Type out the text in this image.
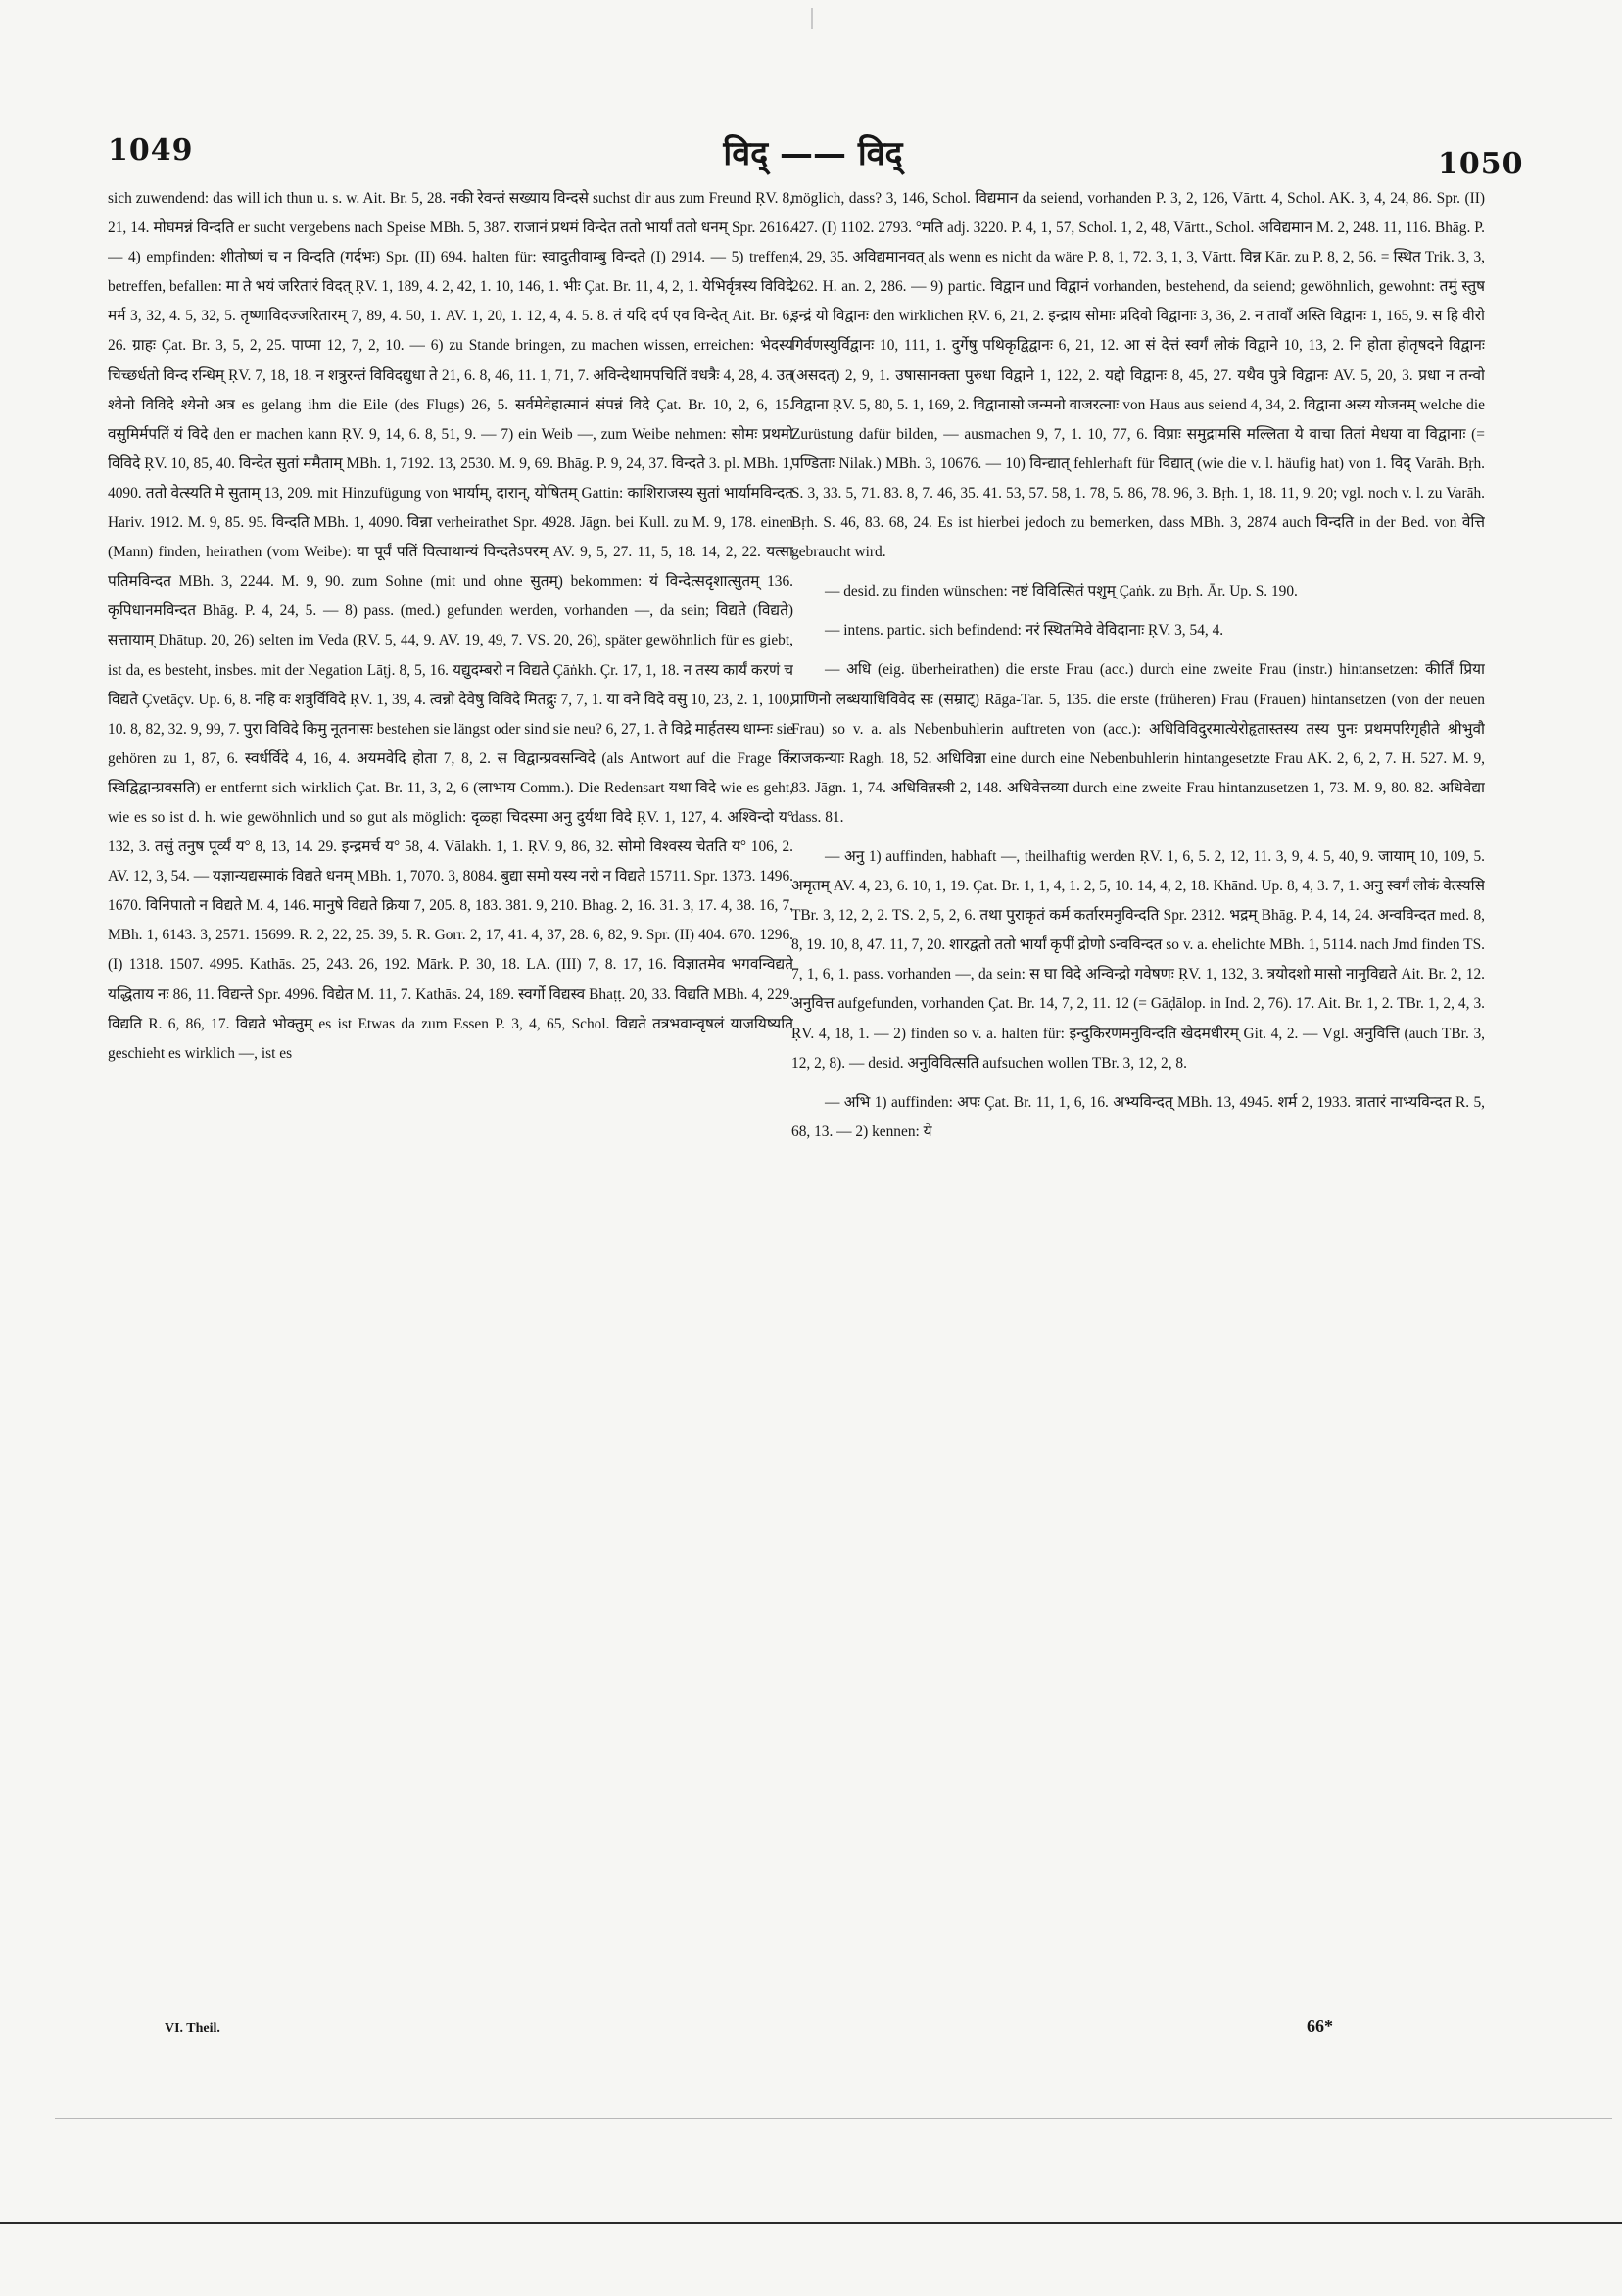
1049	विद् —— विद्	1050

sich zuwendend: das will ich thun u. s. w. Ait. Br. 5, 28. नकी रेवन्तं सख्याय विन्दसे suchst dir aus zum Freund ṚV. 8, 21, 14. मोघमन्नं विन्दति er sucht vergebens nach Speise MBh. 5, 387. राजानं प्रथमं विन्देत ततो भार्यां ततो धनम् Spr. 2616. — 4) empfinden: शीतोष्णं च न विन्दति (गर्दभः) Spr. (II) 694. halten für: स्वादुतीवाम्बु विन्दते (I) 2914. — 5) treffen; betreffen, befallen: मा ते भयं जरितारं विदत् ṚV. 1, 189, 4. 2, 42, 1. 10, 146, 1. भीः Çat. Br. 11, 4, 2, 1. येभिर्वृत्रस्य विविदे मर्म 3, 32, 4. 5, 32, 5. तृष्णाविदज्जरितारम् 7, 89, 4. 50, 1. AV. 1, 20, 1. 12, 4, 4. 5. 8. तं यदि दर्प एव विन्देत् Ait. Br. 6, 26. ग्राहः Çat. Br. 3, 5, 2, 25. पाप्मा 12, 7, 2, 10. — 6) zu Stande bringen, zu machen wissen, erreichen: भेदस्य चिच्छर्धतो विन्द रन्धिम् ṚV. 7, 18, 18. न शत्रुरन्तं विविदद्युधा ते 21, 6. 8, 46, 11. 1, 71, 7. अविन्देथामपचितिं वधत्रैः 4, 28, 4. उत श्वेनो विविदे श्येनो अत्र es gelang ihm die Eile (des Flugs) 26, 5. सर्वमेवेहात्मानं संपन्नं विदे Çat. Br. 10, 2, 6, 15. वसुमिर्मपतिं यं विदे den er machen kann ṚV. 9, 14, 6. 8, 51, 9. — 7) ein Weib —, zum Weibe nehmen: सोमः प्रथमो विविदे ṚV. 10, 85, 40. विन्देत सुतां ममैताम् MBh. 1, 7192. 13, 2530. M. 9, 69. Bhāg. P. 9, 24, 37. विन्दते 3. pl. MBh. 1, 4090. ततो वेत्स्यति मे सुताम् 13, 209. mit Hinzufügung von भार्याम्, दारान्, योषितम् Gattin: काशिराजस्य सुतां भार्यामविन्दत Hariv. 1912. M. 9, 85. 95. विन्दति MBh. 1, 4090. विन्ना verheirathet Spr. 4928. Jāgn. bei Kull. zu M. 9, 178. einen (Mann) finden, heirathen (vom Weibe): या पूर्वं पतिं वित्वाथान्यं विन्दतेऽपरम् AV. 9, 5, 27. 11, 5, 18. 14, 2, 22. यत्सा पतिमविन्दत MBh. 3, 2244. M. 9, 90. zum Sohne (mit und ohne सुतम्) bekommen: यं विन्देत्सदृशात्सुतम् 136. कृपिधानमविन्दत Bhāg. P. 4, 24, 5. — 8) pass. (med.) gefunden werden, vorhanden —, da sein; विद्यते (विद्यते) सत्तायाम् Dhātup. 20, 26) selten im Veda (ṚV. 5, 44, 9. AV. 19, 49, 7. VS. 20, 26), später gewöhnlich für es giebt, ist da, es besteht, insbes. mit der Negation Lāṭj. 8, 5, 16. यद्युदम्बरो न विद्यते Çāṅkh. Çr. 17, 1, 18. न तस्य कार्यं करणं च विद्यते Çvetāçv. Up. 6, 8. नहि वः शत्रुर्विविदे ṚV. 1, 39, 4. त्वन्नो देवेषु विविदे मितद्रुः 7, 7, 1. या वने विदे वसु 10, 23, 2. 1, 100, 10. 8, 82, 32. 9, 99, 7. पुरा विविदे किमु नूतनासः bestehen sie längst oder sind sie neu? 6, 27, 1. ते विद्रे मार्हतस्य धाम्नः sie gehören zu 1, 87, 6. स्वर्धर्विदे 4, 16, 4. अयमवेदि होता 7, 8, 2. स विद्वान्प्रवसन्विदे (als Antwort auf die Frage किं स्विद्विद्वान्प्रवसति) er entfernt sich wirklich Çat. Br. 11, 3, 2, 6 (लाभाय Comm.). Die Redensart यथा विदे wie es geht, wie es so ist d. h. wie gewöhnlich und so gut als möglich: दृळ्हा चिदस्मा अनु दुर्यथा विदे ṚV. 1, 127, 4. अश्विन्दो य° 132, 3. तसुं तनुष पूर्व्यं य° 8, 13, 14. 29. इन्द्रमर्च य° 58, 4. Vālakh. 1, 1. ṚV. 9, 86, 32. सोमो विश्वस्य चेतति य° 106, 2. AV. 12, 3, 54. — यज्ञान्यद्यस्माकं विद्यते धनम् MBh. 1, 7070. 3, 8084. बुद्या समो यस्य नरो न विद्यते 15711. Spr. 1373. 1496. 1670. विनिपातो न विद्यते M. 4, 146. मानुषे विद्यते क्रिया 7, 205. 8, 183. 381. 9, 210. Bhag. 2, 16. 31. 3, 17. 4, 38. 16, 7. MBh. 1, 6143. 3, 2571. 15699. R. 2, 22, 25. 39, 5. R. Gorr. 2, 17, 41. 4, 37, 28. 6, 82, 9. Spr. (II) 404. 670. 1296. (I) 1318. 1507. 4995. Kathās. 25, 243. 26, 192. Mārk. P. 30, 18. LA. (III) 7, 8. 17, 16. विज्ञातमेव भगवन्विद्यते यद्धिताय नः 86, 11. विद्यन्ते Spr. 4996. विद्येत M. 11, 7. Kathās. 24, 189. स्वर्गो विद्यस्व Bhaṭṭ. 20, 33. विद्यति MBh. 4, 229. विद्यति R. 6, 86, 17. विद्यते भोक्तुम् es ist Etwas da zum Essen P. 3, 4, 65, Schol. विद्यते तत्रभवान्वृषलं याजयिष्यति geschieht es wirklich —, ist es

möglich, dass? 3, 146, Schol. विद्यमान da seiend, vorhanden P. 3, 2, 126, Vārtt. 4, Schol. AK. 3, 4, 24, 86. Spr. (II) 427. (I) 1102. 2793. °मति adj. 3220. P. 4, 1, 57, Schol. 1, 2, 48, Vārtt., Schol. अविद्यमान M. 2, 248. 11, 116. Bhāg. P. 4, 29, 35. अविद्यमानवत् als wenn es nicht da wäre P. 8, 1, 72. 3, 1, 3, Vārtt. विन्न Kār. zu P. 8, 2, 56. = स्थित Trik. 3, 3, 262. H. an. 2, 286. — 9) partic. विद्वान und विद्वानं vorhanden, bestehend, da seiend; gewöhnlich, gewohnt: तमुं स्तुष इन्द्रं यो विद्वानः den wirklichen ṚV. 6, 21, 2. इन्द्राय सोमाः प्रदिवो विद्वानाः 3, 36, 2. न तावाँ अस्ति विद्वानः 1, 165, 9. स हि वीरो गिर्वणस्युर्विद्वानः 10, 111, 1. दुर्गेषु पथिकृद्विद्वानः 6, 21, 12. आ सं देत्तं स्वर्गं लोकं विद्वाने 10, 13, 2. नि होता होतृषदने विद्वानः (असदत्) 2, 9, 1. उषासानक्ता पुरुधा विद्वाने 1, 122, 2. यद्दो विद्वानः 8, 45, 27. यथैव पुत्रे विद्वानः AV. 5, 20, 3. प्रधा न तन्वो विद्वाना ṚV. 5, 80, 5. 1, 169, 2. विद्वानासो जन्मनो वाजरत्नाः von Haus aus seiend 4, 34, 2. विद्वाना अस्य योजनम् welche die Zurüstung dafür bilden, — ausmachen 9, 7, 1. 10, 77, 6. विप्राः समुद्रामसि मल्लिता ये वाचा तितां मेधया वा विद्वानाः (= पण्डिताः Nilak.) MBh. 3, 10676. — 10) विन्द्यात् fehlerhaft für विद्यात् (wie die v. l. häufig hat) von 1. विद् Varāh. Bṛh. S. 3, 33. 5, 71. 83. 8, 7. 46, 35. 41. 53, 57. 58, 1. 78, 5. 86, 78. 96, 3. Bṛh. 1, 18. 11, 9. 20; vgl. noch v. l. zu Varāh. Bṛh. S. 46, 83. 68, 24. Es ist hierbei jedoch zu bemerken, dass MBh. 3, 2874 auch विन्दति in der Bed. von वेत्ति gebraucht wird.

— desid. zu finden wünschen: नष्टं विवित्सितं पशुम् Çaṅk. zu Bṛh. Ār. Up. S. 190.

— intens. partic. sich befindend: नरं स्थितमिवे वेविदानाः ṚV. 3, 54, 4.

— अधि (eig. überheirathen) die erste Frau (acc.) durch eine zweite Frau (instr.) hintansetzen: कीर्तिं प्रिया प्राणिनो लब्धयाधिविवेद सः (सम्राट्) Rāga-Tar. 5, 135. die erste (früheren) Frau (Frauen) hintansetzen (von der neuen Frau) so v. a. als Nebenbuhlerin auftreten von (acc.): अधिविविदुरमात्येरोहृतास्तस्य तस्य पुनः प्रथमपरिगृहीते श्रीभुवौ राजकन्याः Ragh. 18, 52. अधिविन्ना eine durch eine Nebenbuhlerin hintangesetzte Frau AK. 2, 6, 2, 7. H. 527. M. 9, 83. Jāgn. 1, 74. अधिविन्नस्त्री 2, 148. अधिवेत्तव्या durch eine zweite Frau hintanzusetzen 1, 73. M. 9, 80. 82. अधिवेद्या dass. 81.

— अनु 1) auffinden, habhaft —, theilhaftig werden ṚV. 1, 6, 5. 2, 12, 11. 3, 9, 4. 5, 40, 9. जायाम् 10, 109, 5. अमृतम् AV. 4, 23, 6. 10, 1, 19. Çat. Br. 1, 1, 4, 1. 2, 5, 10. 14, 4, 2, 18. Khānd. Up. 8, 4, 3. 7, 1. अनु स्वर्गं लोकं वेत्स्यसि TBr. 3, 12, 2, 2. TS. 2, 5, 2, 6. तथा पुराकृतं कर्म कर्तारमनुविन्दति Spr. 2312. भद्रम् Bhāg. P. 4, 14, 24. अन्वविन्दत med. 8, 8, 19. 10, 8, 47. 11, 7, 20. शारद्वतो ततो भार्यां कृपीं द्रोणो ऽन्वविन्दत so v. a. ehelichte MBh. 1, 5114. nach Jmd finden TS. 7, 1, 6, 1. pass. vorhanden —, da sein: स घा विदे अन्विन्द्रो गवेषणः ṚV. 1, 132, 3. त्रयोदशो मासो नानुविद्यते Ait. Br. 2, 12. अनुवित्त aufgefunden, vorhanden Çat. Br. 14, 7, 2, 11. 12 (= Gāḍālop. in Ind. 2, 76). 17. Ait. Br. 1, 2. TBr. 1, 2, 4, 3. ṚV. 4, 18, 1. — 2) finden so v. a. halten für: इन्दुकिरणमनुविन्दति खेदमधीरम् Git. 4, 2. — Vgl. अनुवित्ति (auch TBr. 3, 12, 2, 8). — desid. अनुविवित्सति aufsuchen wollen TBr. 3, 12, 2, 8.

— अभि 1) auffinden: अपः Çat. Br. 11, 1, 6, 16. अभ्यविन्दत् MBh. 13, 4945. शर्म 2, 1933. त्रातारं नाभ्यविन्दत R. 5, 68, 13. — 2) kennen: ये

VI. Theil.	66*
